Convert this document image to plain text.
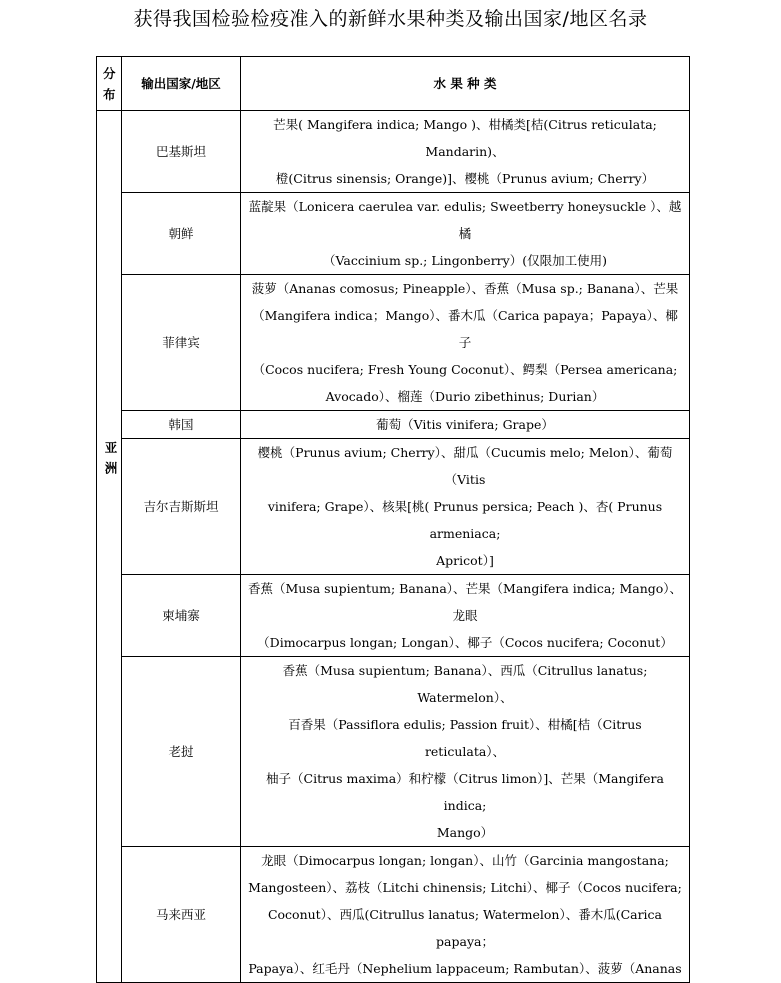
获得我国检验检疫准入的新鲜水果种类及输出国家/地区名录
分
布	输出国家/地区	水 果 种 类

亚洲	巴基斯坦	芒果( Mangifera indica; Mango )、柑橘类[桔(Citrus reticulata; Mandarin)、

橙(Citrus sinensis; Orange)]、樱桃（Prunus avium; Cherry）

	朝鲜	蓝靛果（Lonicera caerulea var. edulis; Sweetberry honeysuckle ）、越橘

（Vaccinium sp.; Lingonberry）(仅限加工使用)

	菲律宾	菠萝（Ananas comosus; Pineapple）、香蕉（Musa sp.; Banana）、芒果

（Mangifera indica；Mango）、番木瓜（Carica papaya；Papaya）、椰子

（Cocos nucifera; Fresh Young Coconut）、鳄梨（Persea americana;

Avocado）、榴莲（Durio zibethinus; Durian）

	韩国	葡萄（Vitis vinifera; Grape）

	吉尔吉斯斯坦	樱桃（Prunus avium; Cherry）、甜瓜（Cucumis melo; Melon）、葡萄（Vitis

vinifera; Grape）、核果[桃( Prunus persica; Peach )、杏( Prunus armeniaca;

Apricot）]

	柬埔寨	香蕉（Musa supientum; Banana）、芒果（Mangifera indica; Mango）、龙眼

（Dimocarpus longan; Longan）、椰子（Cocos nucifera; Coconut）

	老挝	香蕉（Musa supientum; Banana）、西瓜（Citrullus lanatus; Watermelon）、

百香果（Passiflora edulis; Passion fruit）、柑橘[桔（Citrus reticulata）、

柚子（Citrus maxima）和柠檬（Citrus limon）]、芒果（Mangifera indica;

Mango）

	马来西亚	龙眼（Dimocarpus longan; longan）、山竹（Garcinia mangostana;

Mangosteen）、荔枝（Litchi chinensis; Litchi）、椰子（Cocos nucifera;

Coconut）、西瓜(Citrullus lanatus; Watermelon）、番木瓜(Carica papaya；

Papaya）、红毛丹（Nephelium lappaceum; Rambutan）、菠萝（Ananas
